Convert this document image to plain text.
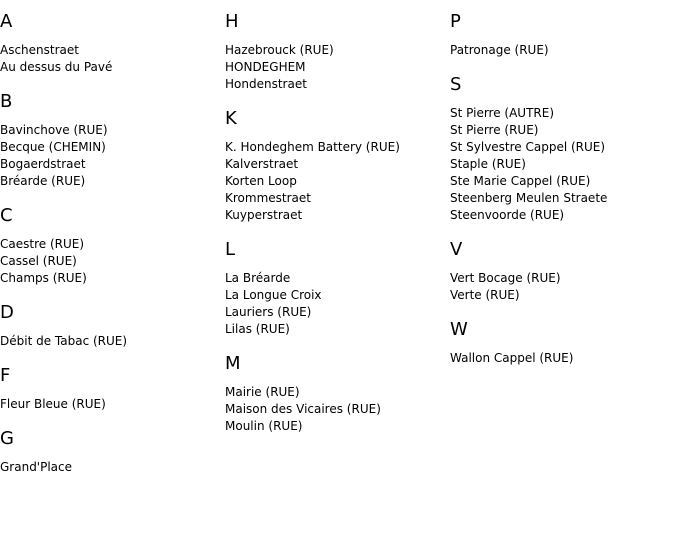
A
Aschenstraet
Au dessus du Pavé
B
Bavinchove (RUE)
Becque (CHEMIN)
Bogaerdstraet
Bréarde (RUE)
C
Caestre (RUE)
Cassel (RUE)
Champs (RUE)
D
Débit de Tabac (RUE)
F
Fleur Bleue (RUE)
G
Grand'Place
H
Hazebrouck (RUE)
HONDEGHEM
Hondenstraet
K
K. Hondeghem Battery (RUE)
Kalverstraet
Korten Loop
Krommestraet
Kuyperstraet
L
La Bréarde
La Longue Croix
Lauriers (RUE)
Lilas (RUE)
M
Mairie (RUE)
Maison des Vicaires (RUE)
Moulin (RUE)
P
Patronage (RUE)
S
St Pierre (AUTRE)
St Pierre (RUE)
St Sylvestre Cappel (RUE)
Staple (RUE)
Ste Marie Cappel (RUE)
Steenberg Meulen Straete
Steenvoorde (RUE)
V
Vert Bocage (RUE)
Verte (RUE)
W
Wallon Cappel (RUE)
